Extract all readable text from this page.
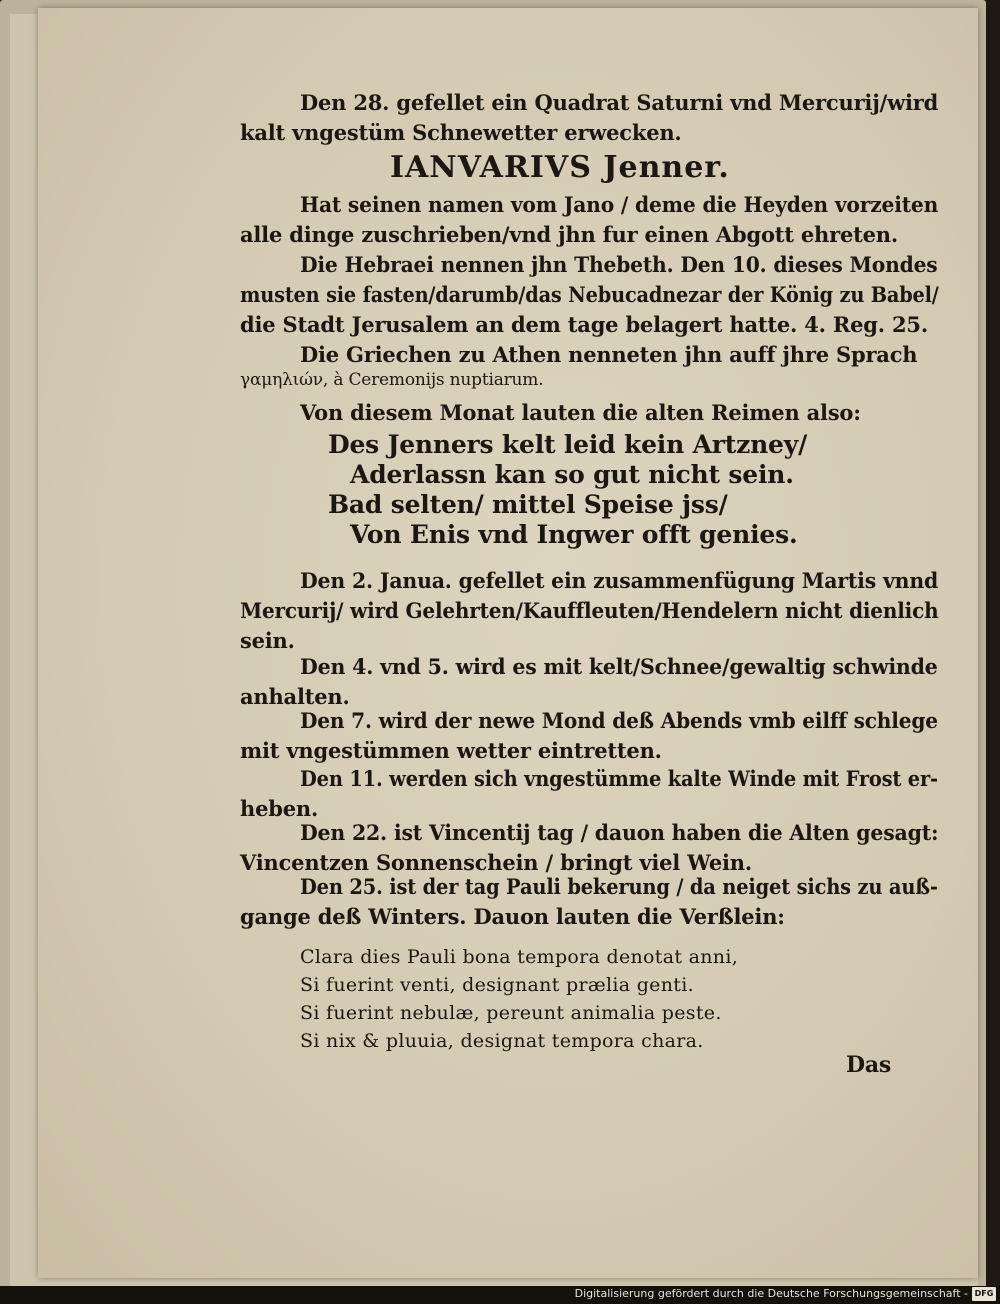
Den 28. gefellet ein Quadrat Saturni vnd Mercurij/wird
kalt vngestüm Schnewetter erwecken.
IANVARIVS Jenner.
Hat seinen namen vom Jano / deme die Heyden vorzeiten
alle dinge zuschrieben/vnd jhn fur einen Abgott ehreten.
Die Hebraei nennen jhn Thebeth. Den 10. dieses Mondes
musten sie fasten/darumb/das Nebucadnezar der König zu Babel/
die Stadt Jerusalem an dem tage belagert hatte. 4. Reg. 25.
Die Griechen zu Athen nenneten jhn auff jhre Sprach
γαμηλιών, à Ceremonijs nuptiarum.
Von diesem Monat lauten die alten Reimen also:
Des Jenners kelt leid kein Artzney/
Aderlassn kan so gut nicht sein.
Bad selten/ mittel Speise jss/
Von Enis vnd Ingwer offt genies.
Den 2. Janua. gefellet ein zusammenfügung Martis vnnd
Mercurij/ wird Gelehrten/Kauffleuten/Hendelern nicht dienlich
sein.
Den 4. vnd 5. wird es mit kelt/Schnee/gewaltig schwinde
anhalten.
Den 7. wird der newe Mond deß Abends vmb eilff schlege
mit vngestümmen wetter eintretten.
Den 11. werden sich vngestümme kalte Winde mit Frost er-
heben.
Den 22. ist Vincentij tag / dauon haben die Alten gesagt:
Vincentzen Sonnenschein / bringt viel Wein.
Den 25. ist der tag Pauli bekerung / da neiget sichs zu auß-
gange deß Winters. Dauon lauten die Verßlein:
Clara dies Pauli bona tempora denotat anni,
Si fuerint venti, designant prælia genti.
Si fuerint nebulæ, pereunt animalia peste.
Si nix & pluuia, designat tempora chara.
Das
Digitalisierung gefördert durch die Deutsche Forschungsgemeinschaft - DFG
